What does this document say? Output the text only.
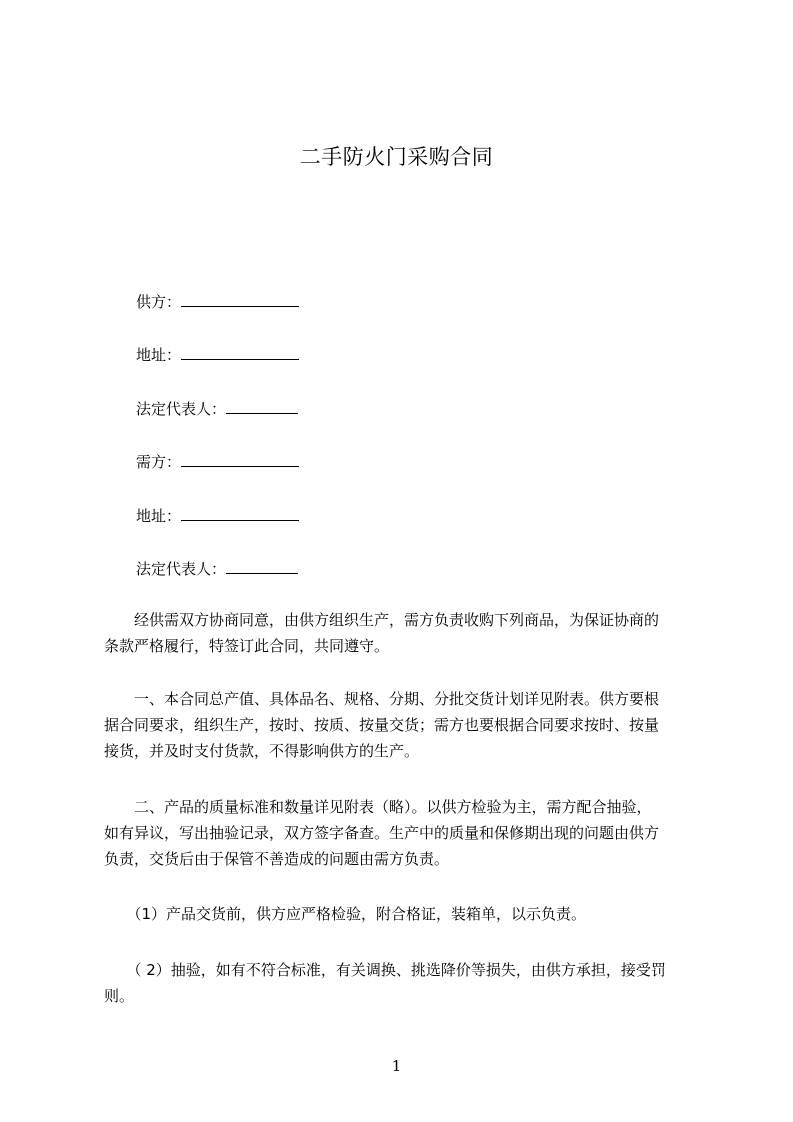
二手防火门采购合同
供方：
地址：
法定代表人：
需方：
地址：
法定代表人：

　　经供需双方协商同意，由供方组织生产，需方负责收购下列商品，为保证协商的

条款严格履行，特签订此合同，共同遵守。

　　一、本合同总产值、具体品名、规格、分期、分批交货计划详见附表。供方要根

据合同要求，组织生产，按时、按质、按量交货；需方也要根据合同要求按时、按量

接货，并及时支付货款，不得影响供方的生产。

　　二、产品的质量标准和数量详见附表（略）。以供方检验为主，需方配合抽验，

如有异议，写出抽验记录，双方签字备查。生产中的质量和保修期出现的问题由供方

负责，交货后由于保管不善造成的问题由需方负责。

　　（1）产品交货前，供方应严格检验，附合格证，装箱单，以示负责。

　　（ 2）抽验，如有不符合标准，有关调换、挑选降价等损失，由供方承担，接受罚

则。

1
